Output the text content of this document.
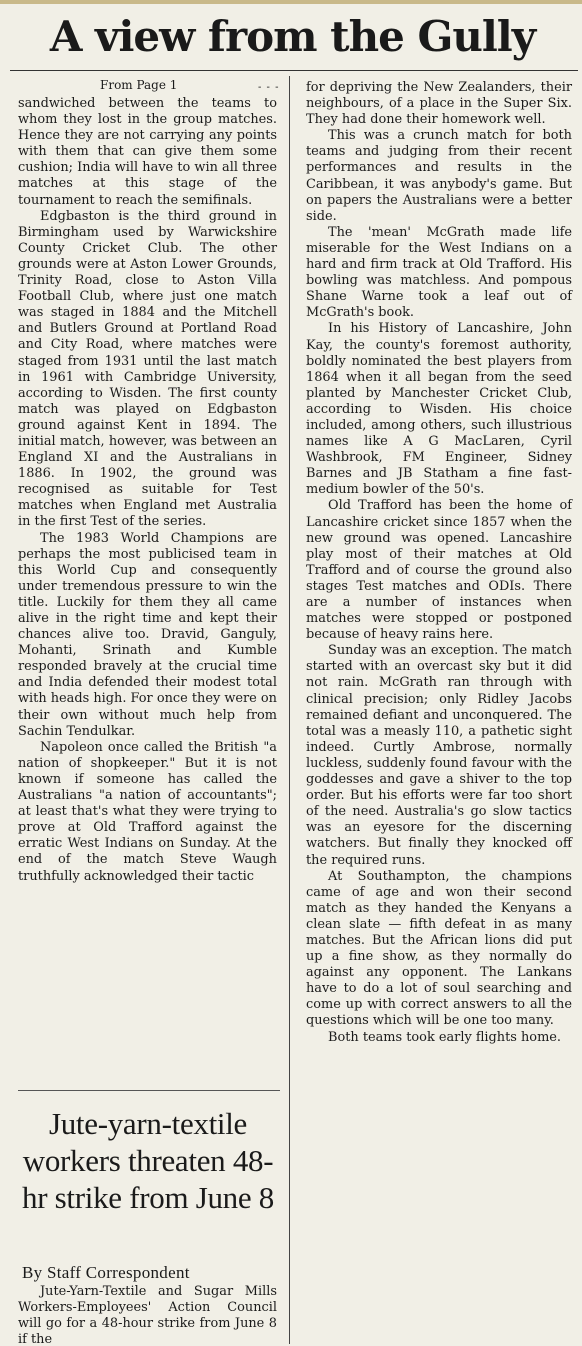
A view from the Gully
From Page 1	- - -

sandwiched between the teams to whom they lost in the group matches. Hence they are not carrying any points with them that can give them some cushion; India will have to win all three matches at this stage of the tournament to reach the semifinals.

Edgbaston is the third ground in Birmingham used by Warwickshire County Cricket Club. The other grounds were at Aston Lower Grounds, Trinity Road, close to Aston Villa Football Club, where just one match was staged in 1884 and the Mitchell and Butlers Ground at Portland Road and City Road, where matches were staged from 1931 until the last match in 1961 with Cambridge University, according to Wisden. The first county match was played on Edgbaston ground against Kent in 1894. The initial match, however, was between an England XI and the Australians in 1886. In 1902, the ground was recognised as suitable for Test matches when England met Australia in the first Test of the series.

The 1983 World Champions are perhaps the most publicised team in this World Cup and consequently under tremendous pressure to win the title. Luckily for them they all came alive in the right time and kept their chances alive too. Dravid, Ganguly, Mohanti, Srinath and Kumble responded bravely at the crucial time and India defended their modest total with heads high. For once they were on their own without much help from Sachin Tendulkar.

Napoleon once called the British "a nation of shopkeeper." But it is not known if someone has called the Australians "a nation of accountants"; at least that's what they were trying to prove at Old Trafford against the erratic West Indians on Sunday. At the end of the match Steve Waugh truthfully acknowledged their tactic

for depriving the New Zealanders, their neighbours, of a place in the Super Six. They had done their homework well.

This was a crunch match for both teams and judging from their recent performances and results in the Caribbean, it was anybody's game. But on papers the Australians were a better side.

The 'mean' McGrath made life miserable for the West Indians on a hard and firm track at Old Trafford. His bowling was matchless. And pompous Shane Warne took a leaf out of McGrath's book.

In his History of Lancashire, John Kay, the county's foremost authority, boldly nominated the best players from 1864 when it all began from the seed planted by Manchester Cricket Club, according to Wisden. His choice included, among others, such illustrious names like A G MacLaren, Cyril Washbrook, FM Engineer, Sidney Barnes and JB Statham a fine fast-medium bowler of the 50's.

Old Trafford has been the home of Lancashire cricket since 1857 when the new ground was opened. Lancashire play most of their matches at Old Trafford and of course the ground also stages Test matches and ODIs. There are a number of instances when matches were stopped or postponed because of heavy rains here.

Sunday was an exception. The match started with an overcast sky but it did not rain. McGrath ran through with clinical precision; only Ridley Jacobs remained defiant and unconquered. The total was a measly 110, a pathetic sight indeed. Curtly Ambrose, normally luckless, suddenly found favour with the goddesses and gave a shiver to the top order. But his efforts were far too short of the need. Australia's go slow tactics was an eyesore for the discerning watchers. But finally they knocked off the required runs.

At Southampton, the champions came of age and won their second match as they handed the Kenyans a clean slate — fifth defeat in as many matches. But the African lions did put up a fine show, as they normally do against any opponent. The Lankans have to do a lot of soul searching and come up with correct answers to all the questions which will be one too many.

Both teams took early flights home.

Jute-yarn-textile workers threaten 48-hr strike from June 8
By Staff Correspondent

Jute-Yarn-Textile and Sugar Mills Workers-Employees' Action Council will go for a 48-hour strike from June 8 if the
